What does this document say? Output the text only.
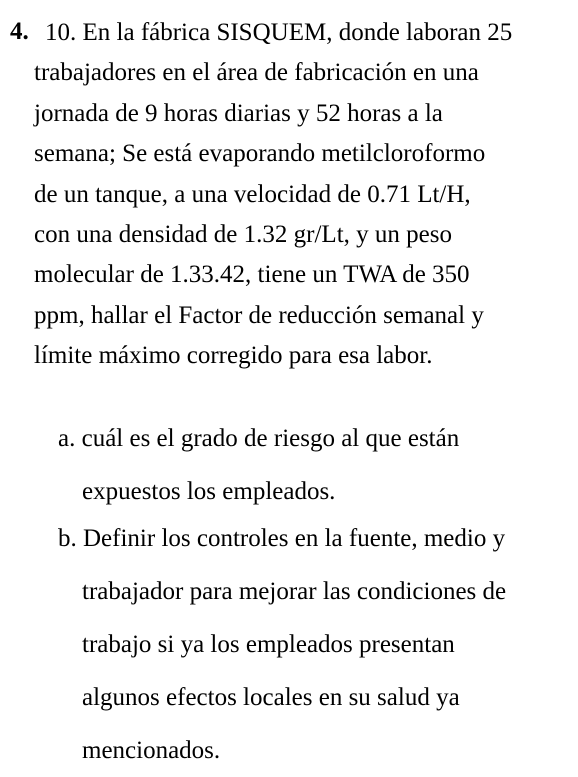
4. 10. En la fábrica SISQUEM, donde laboran 25
trabajadores en el área de fabricación en una
jornada de 9 horas diarias y 52 horas a la
semana; Se está evaporando metilcloroformo
de un tanque, a una velocidad de 0.71 Lt/H,
con una densidad de 1.32 gr/Lt, y un peso
molecular de 1.33.42, tiene un TWA de 350
ppm, hallar el Factor de reducción semanal y
límite máximo corregido para esa labor.
a. cuál es el grado de riesgo al que están
expuestos los empleados.
b. Definir los controles en la fuente, medio y
trabajador para mejorar las condiciones de
trabajo si ya los empleados presentan
algunos efectos locales en su salud ya
mencionados.
